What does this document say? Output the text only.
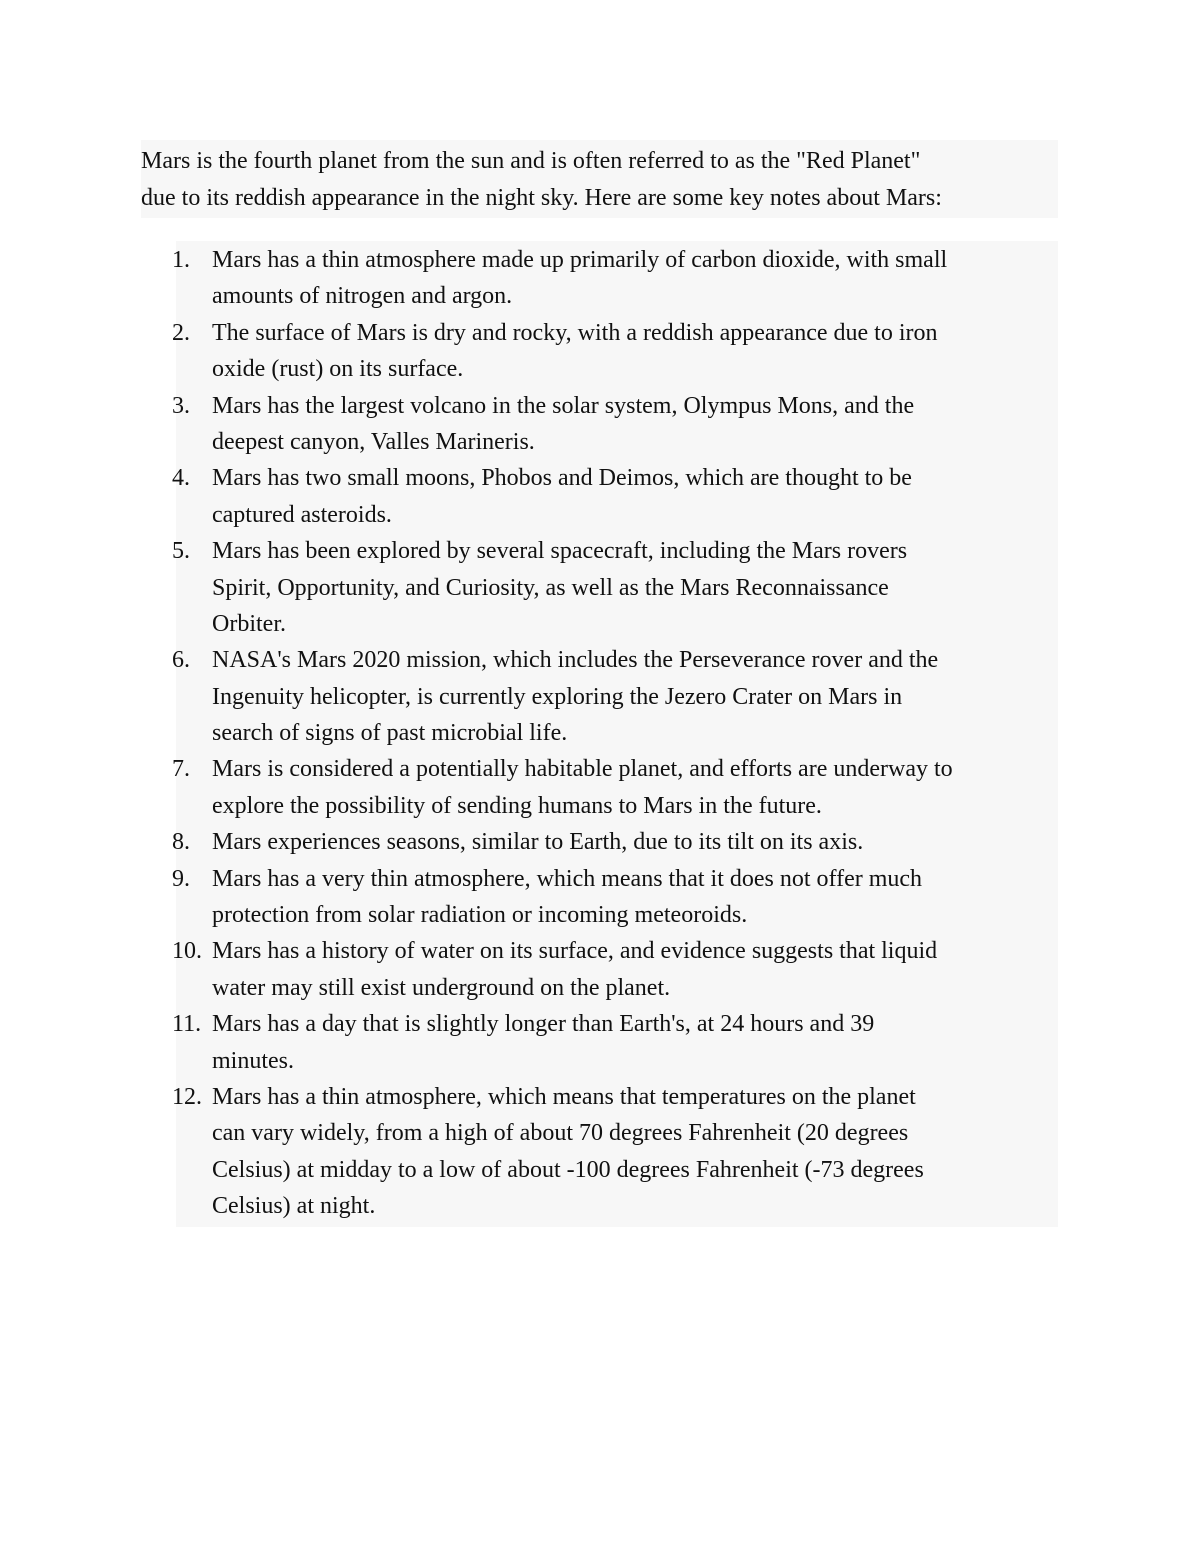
Mars is the fourth planet from the sun and is often referred to as the "Red Planet"
due to its reddish appearance in the night sky. Here are some key notes about Mars:
1. Mars has a thin atmosphere made up primarily of carbon dioxide, with small
amounts of nitrogen and argon.
2. The surface of Mars is dry and rocky, with a reddish appearance due to iron
oxide (rust) on its surface.
3. Mars has the largest volcano in the solar system, Olympus Mons, and the
deepest canyon, Valles Marineris.
4. Mars has two small moons, Phobos and Deimos, which are thought to be
captured asteroids.
5. Mars has been explored by several spacecraft, including the Mars rovers
Spirit, Opportunity, and Curiosity, as well as the Mars Reconnaissance
Orbiter.
6. NASA's Mars 2020 mission, which includes the Perseverance rover and the
Ingenuity helicopter, is currently exploring the Jezero Crater on Mars in
search of signs of past microbial life.
7. Mars is considered a potentially habitable planet, and efforts are underway to
explore the possibility of sending humans to Mars in the future.
8. Mars experiences seasons, similar to Earth, due to its tilt on its axis.
9. Mars has a very thin atmosphere, which means that it does not offer much
protection from solar radiation or incoming meteoroids.
10. Mars has a history of water on its surface, and evidence suggests that liquid
water may still exist underground on the planet.
11. Mars has a day that is slightly longer than Earth's, at 24 hours and 39
minutes.
12. Mars has a thin atmosphere, which means that temperatures on the planet
can vary widely, from a high of about 70 degrees Fahrenheit (20 degrees
Celsius) at midday to a low of about -100 degrees Fahrenheit (-73 degrees
Celsius) at night.
